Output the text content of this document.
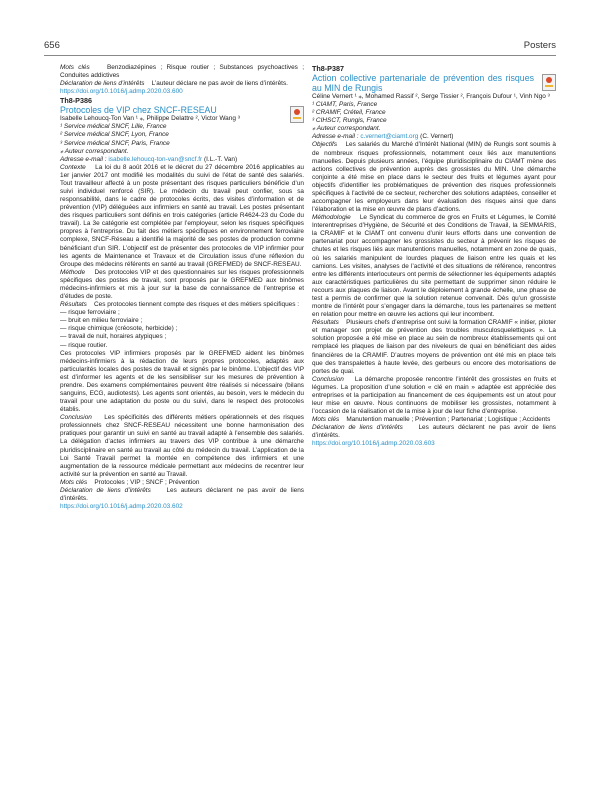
656	Posters

Mots clés	Benzodiazépines ; Risque routier ; Substances psychoactives ; Conduites addictives

Déclaration de liens d’intérêts L’auteur déclare ne pas avoir de liens d’intérêts.

https://doi.org/10.1016/j.admp.2020.03.600

Th8-P386

Protocoles de VIP chez SNCF-RESEAU

Isabelle Lehoucq-Ton Van ¹ ⁎, Philippe Delattre ², Victor Wang ³

¹ Service médical SNCF, Lille, France

² Service médical SNCF, Lyon, France

³ Service médical SNCF, Paris, France

⁎ Auteur correspondant.

Adresse e-mail : isabelle.lehoucq-ton-van@sncf.fr (I.L.-T. Van)

Contexte La loi du 8 août 2016 et le décret du 27 décembre 2016 applicables au 1er janvier 2017 ont modifié les modalités du suivi de l’état de santé des salariés. Tout travailleur affecté à un poste présentant des risques particuliers bénéficie d’un suivi individuel renforcé (SIR). Le médecin du travail peut confier, sous sa responsabilité, dans le cadre de protocoles écrits, des visites d’information et de prévention (VIP) déléguées aux infirmiers en santé au travail. Les postes présentant des risques particuliers sont définis en trois catégories (article R4624-23 du Code du travail). La 3e catégorie est complétée par l’employeur, selon les risques spécifiques propres à l’entreprise. Du fait des métiers spécifiques en environnement ferroviaire complexe, SNCF-Réseau a identifié la majorité de ses postes de production comme bénéficiant d’un SIR. L’objectif est de présenter des protocoles de VIP infirmier pour les agents de Maintenance et Travaux et de Circulation issus d’une réflexion du Groupe des médecins référents en santé au travail (GREFMED) de SNCF-RESEAU.

Méthode Des protocoles VIP et des questionnaires sur les risques professionnels spécifiques des postes de travail, sont proposés par le GREFMED aux binômes médecins-infirmiers et mis à jour sur la base de connaissance de l’entreprise et d’études de poste.

Résultats Ces protocoles tiennent compte des risques et des métiers spécifiques :

— risque ferroviaire ;

— bruit en milieu ferroviaire ;

— risque chimique (créosote, herbicide) ;

— travail de nuit, horaires atypiques ;

— risque routier.

Ces protocoles VIP infirmiers proposés par le GREFMED aident les binômes médecins-infirmiers à la rédaction de leurs propres protocoles, adaptés aux particularités locales des postes de travail et signés par le binôme. L’objectif des VIP est d’informer les agents et de les sensibiliser sur les mesures de prévention à prendre. Des examens complémentaires peuvent être réalisés si nécessaire (bilans sanguins, ECG, audiotests). Les agents sont orientés, au besoin, vers le médecin du travail pour une adaptation du poste ou du suivi, dans le respect des protocoles établis.

Conclusion Les spécificités des différents métiers opérationnels et des risques professionnels chez SNCF-RESEAU nécessitent une bonne harmonisation des pratiques pour garantir un suivi en santé au travail adapté à l’ensemble des salariés. La délégation d’actes infirmiers au travers des VIP contribue à une démarche pluridisciplinaire en santé au travail au côté du médecin du travail. L’application de la Loi Santé Travail permet la montée en compétence des infirmiers et une augmentation de la ressource médicale permettant aux médecins de recentrer leur activité sur la prévention en santé au Travail.

Mots clés Protocoles ; VIP ; SNCF ; Prévention

Déclaration de liens d’intérêts Les auteurs déclarent ne pas avoir de liens d’intérêts.

https://doi.org/10.1016/j.admp.2020.03.602

Th8-P387

Action collective partenariale de prévention des risques au MIN de Rungis

Céline Vernert ¹ ⁎, Mohamed Rassif ², Serge Tissier ², François Dufour ¹, Vinh Ngo ³

¹ CIAMT, Paris, France

² CRAMIF, Créteil, France

³ CIHSCT, Rungis, France

⁎ Auteur correspondant.

Adresse e-mail : c.vernert@ciamt.org (C. Vernert)

Objectifs Les salariés du Marché d’Intérêt National (MIN) de Rungis sont soumis à de nombreux risques professionnels, notamment ceux liés aux manutentions manuelles. Depuis plusieurs années, l’équipe pluridisciplinaire du CIAMT mène des actions collectives de prévention auprès des grossistes du MIN. Une démarche conjointe a été mise en place dans le secteur des fruits et légumes ayant pour objectifs d’identifier les problématiques de prévention des risques professionnels spécifiques à l’activité de ce secteur, rechercher des solutions adaptées, conseiller et accompagner les employeurs dans leur évaluation des risques ainsi que dans l’élaboration et la mise en œuvre de plans d’actions.

Méthodologie Le Syndicat du commerce de gros en Fruits et Légumes, le Comité Interentreprises d’Hygiène, de Sécurité et des Conditions de Travail, la SEMMARIS, la CRAMIF et le CIAMT ont convenu d’unir leurs efforts dans une convention de partenariat pour accompagner les grossistes du secteur à prévenir les risques de chutes et les risques liés aux manutentions manuelles, notamment en zone de quais, où les salariés manipulent de lourdes plaques de liaison entre les quais et les camions. Les visites, analyses de l’activité et des situations de référence, rencontres entre les différents interlocuteurs ont permis de sélectionner les équipements adaptés aux caractéristiques particulières du site permettant de supprimer sinon réduire le recours aux plaques de liaison. Avant le déploiement à grande échelle, une phase de test a permis de confirmer que la solution retenue convenait. Dès qu’un grossiste montre de l’intérêt pour s’engager dans la démarche, tous les partenaires se mettent en relation pour mettre en œuvre les actions qui leur incombent.

Résultats Plusieurs chefs d’entreprise ont suivi la formation CRAMIF « initier, piloter et manager son projet de prévention des troubles musculosquelettiques ». La solution proposée a été mise en place au sein de nombreux établissements qui ont remplacé les plaques de liaison par des niveleurs de quai en bénéficiant des aides financières de la CRAMIF. D’autres moyens de prévention ont été mis en place tels que des transpalettes à haute levée, des gerbeurs ou encore des motorisations de portes de quai.

Conclusion La démarche proposée rencontre l’intérêt des grossistes en fruits et légumes. La proposition d’une solution « clé en main » adaptée est appréciée des entreprises et la participation au financement de ces équipements est un atout pour leur mise en œuvre. Nous continuons de mobiliser les grossistes, notamment à l’occasion de la réalisation et de la mise à jour de leur fiche d’entreprise.

Mots clés Manutention manuelle ; Prévention ; Partenariat ; Logistique ; Accidents

Déclaration de liens d’intérêts Les auteurs déclarent ne pas avoir de liens d’intérêts.

https://doi.org/10.1016/j.admp.2020.03.603
